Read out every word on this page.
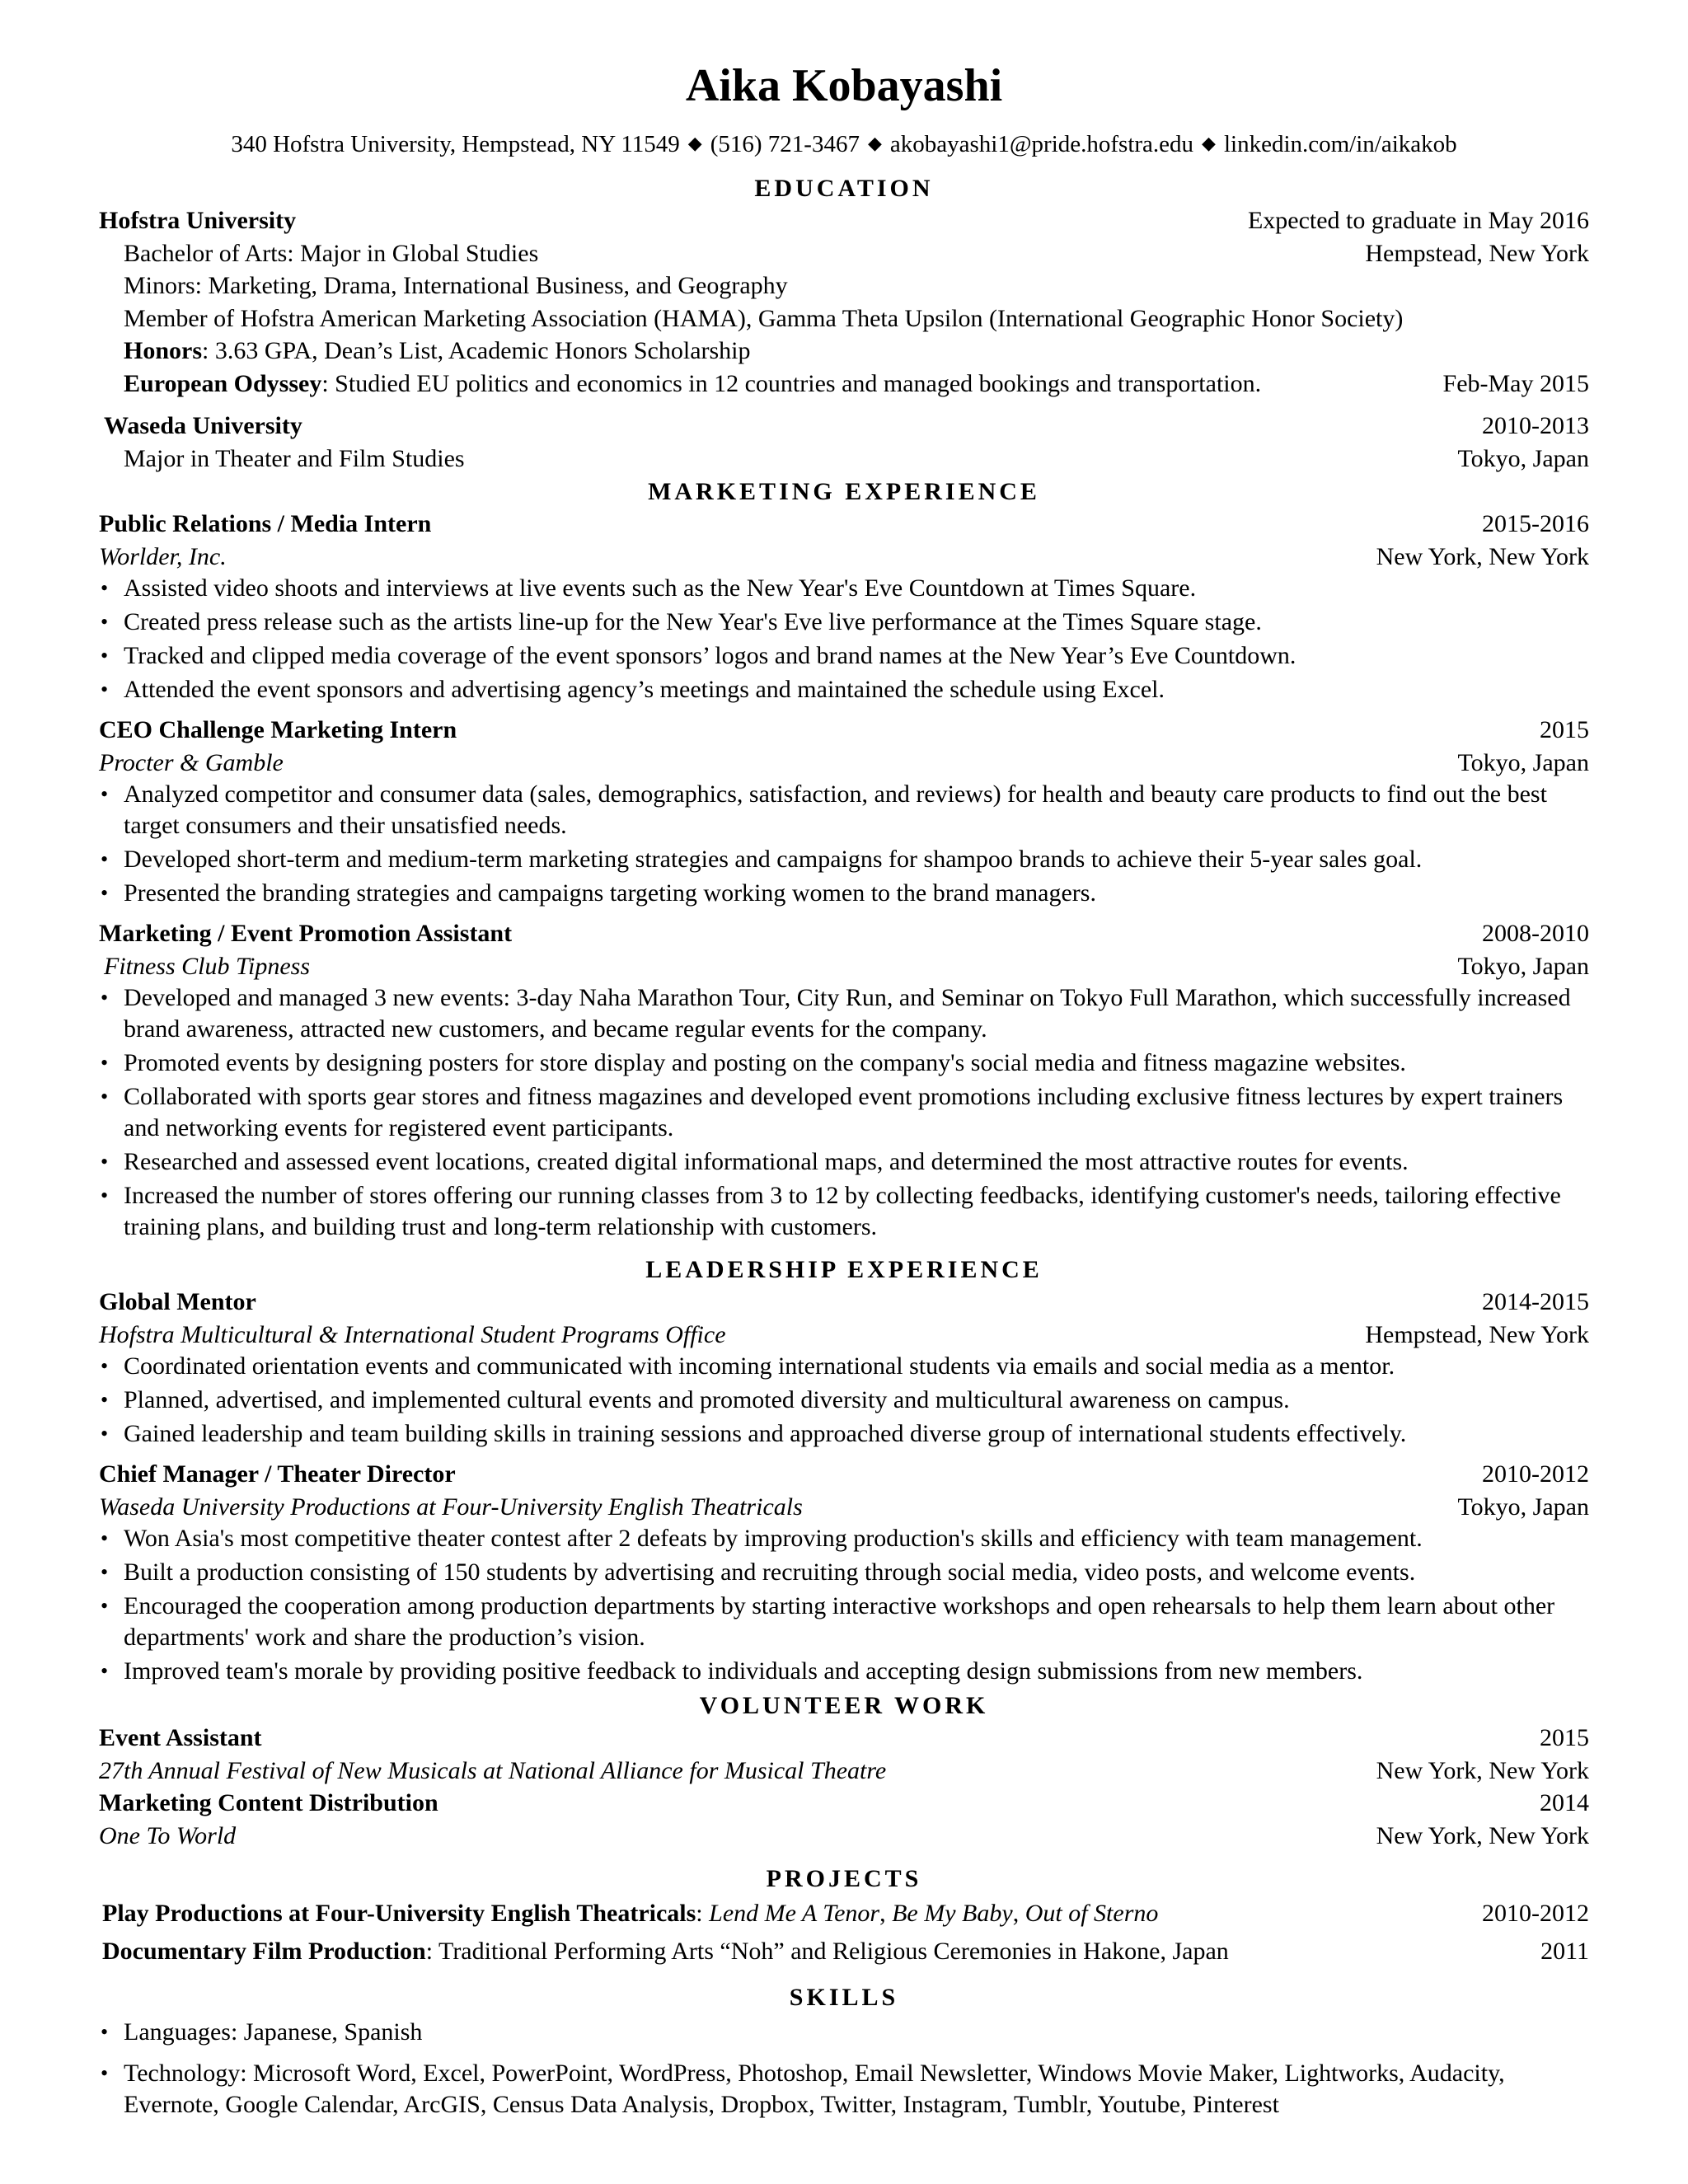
Aika Kobayashi
340 Hofstra University, Hempstead, NY 11549 ◆ (516) 721-3467 ◆ akobayashi1@pride.hofstra.edu ◆ linkedin.com/in/aikakob
EDUCATION
Hofstra University	Expected to graduate in May 2016
Bachelor of Arts: Major in Global Studies	Hempstead, New York
Minors: Marketing, Drama, International Business, and Geography
Member of Hofstra American Marketing Association (HAMA), Gamma Theta Upsilon (International Geographic Honor Society)
Honors: 3.63 GPA, Dean’s List, Academic Honors Scholarship
European Odyssey: Studied EU politics and economics in 12 countries and managed bookings and transportation.	Feb-May 2015
Waseda University	2010-2013
Major in Theater and Film Studies	Tokyo, Japan
MARKETING EXPERIENCE
Public Relations / Media Intern	2015-2016
Worlder, Inc.	New York, New York
• Assisted video shoots and interviews at live events such as the New Year's Eve Countdown at Times Square.
• Created press release such as the artists line-up for the New Year's Eve live performance at the Times Square stage.
• Tracked and clipped media coverage of the event sponsors’ logos and brand names at the New Year’s Eve Countdown.
• Attended the event sponsors and advertising agency’s meetings and maintained the schedule using Excel.
CEO Challenge Marketing Intern	2015
Procter & Gamble	Tokyo, Japan
• Analyzed competitor and consumer data (sales, demographics, satisfaction, and reviews) for health and beauty care products to find out the best target consumers and their unsatisfied needs.
• Developed short-term and medium-term marketing strategies and campaigns for shampoo brands to achieve their 5-year sales goal.
• Presented the branding strategies and campaigns targeting working women to the brand managers.
Marketing / Event Promotion Assistant	2008-2010
Fitness Club Tipness	Tokyo, Japan
• Developed and managed 3 new events: 3-day Naha Marathon Tour, City Run, and Seminar on Tokyo Full Marathon, which successfully increased brand awareness, attracted new customers, and became regular events for the company.
• Promoted events by designing posters for store display and posting on the company's social media and fitness magazine websites.
• Collaborated with sports gear stores and fitness magazines and developed event promotions including exclusive fitness lectures by expert trainers and networking events for registered event participants.
• Researched and assessed event locations, created digital informational maps, and determined the most attractive routes for events.
• Increased the number of stores offering our running classes from 3 to 12 by collecting feedbacks, identifying customer's needs, tailoring effective training plans, and building trust and long-term relationship with customers.
LEADERSHIP EXPERIENCE
Global Mentor	2014-2015
Hofstra Multicultural & International Student Programs Office	Hempstead, New York
• Coordinated orientation events and communicated with incoming international students via emails and social media as a mentor.
• Planned, advertised, and implemented cultural events and promoted diversity and multicultural awareness on campus.
• Gained leadership and team building skills in training sessions and approached diverse group of international students effectively.
Chief Manager / Theater Director	2010-2012
Waseda University Productions at Four-University English Theatricals	Tokyo, Japan
• Won Asia's most competitive theater contest after 2 defeats by improving production's skills and efficiency with team management.
• Built a production consisting of 150 students by advertising and recruiting through social media, video posts, and welcome events.
• Encouraged the cooperation among production departments by starting interactive workshops and open rehearsals to help them learn about other departments' work and share the production’s vision.
• Improved team's morale by providing positive feedback to individuals and accepting design submissions from new members.
VOLUNTEER WORK
Event Assistant	2015
27th Annual Festival of New Musicals at National Alliance for Musical Theatre	New York, New York
Marketing Content Distribution	2014
One To World	New York, New York
PROJECTS
Play Productions at Four-University English Theatricals: Lend Me A Tenor, Be My Baby, Out of Sterno	2010-2012
Documentary Film Production: Traditional Performing Arts “Noh” and Religious Ceremonies in Hakone, Japan	2011
SKILLS
• Languages: Japanese, Spanish
• Technology: Microsoft Word, Excel, PowerPoint, WordPress, Photoshop, Email Newsletter, Windows Movie Maker, Lightworks, Audacity, Evernote, Google Calendar, ArcGIS, Census Data Analysis, Dropbox, Twitter, Instagram, Tumblr, Youtube, Pinterest
